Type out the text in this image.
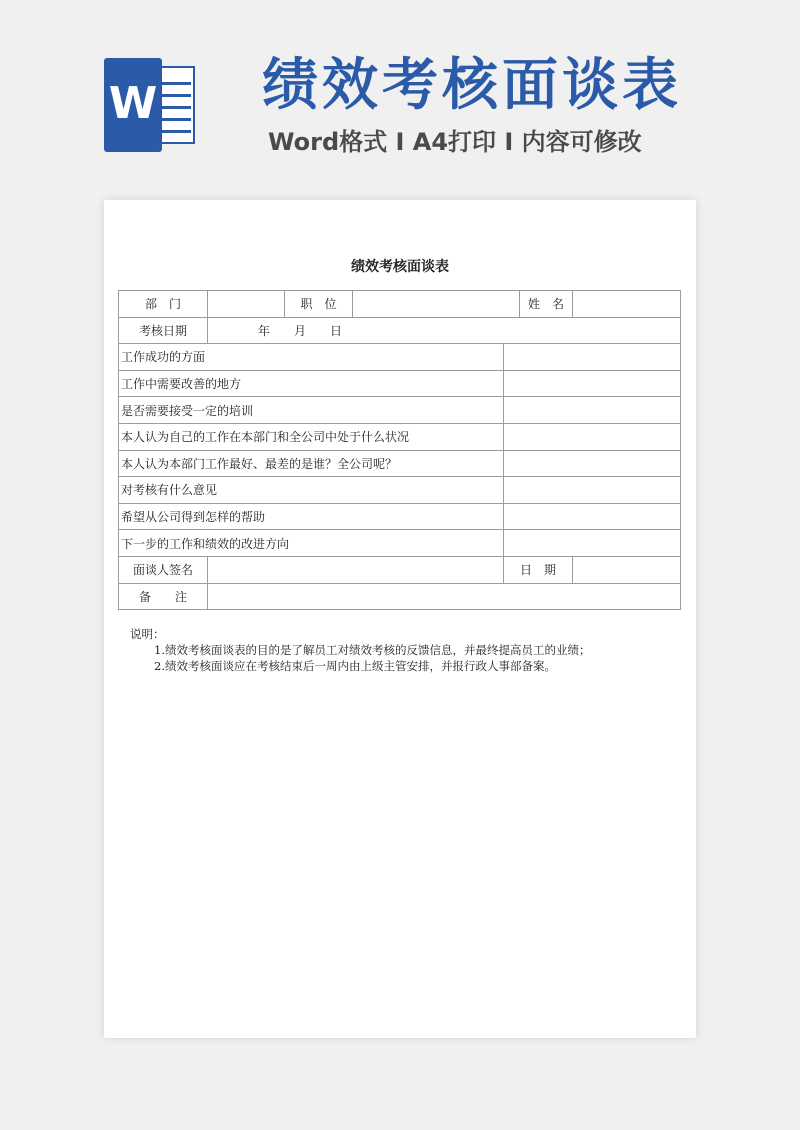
W 绩效考核面谈表
Word格式 I A4打印 I 内容可修改
绩效考核面谈表
部　门		职　位			姓　名	
考核日期	年　　月　　日					
工作成功的方面						
工作中需要改善的地方						
是否需要接受一定的培训						
本人认为自己的工作在本部门和全公司中处于什么状况						
本人认为本部门工作最好、最差的是谁？全公司呢？						
对考核有什么意见						
希望从公司得到怎样的帮助						
下一步的工作和绩效的改进方向						
面谈人签名				日　期		
备　　注						
说明：
1.绩效考核面谈表的目的是了解员工对绩效考核的反馈信息，并最终提高员工的业绩；
2.绩效考核面谈应在考核结束后一周内由上级主管安排，并报行政人事部备案。
